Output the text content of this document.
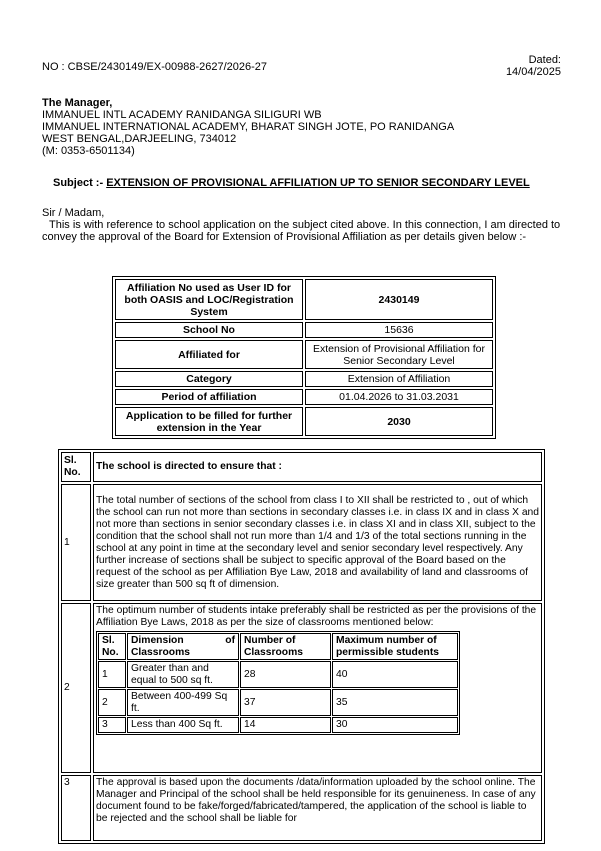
NO : CBSE/2430149/EX-00988-2627/2026-27
Dated:
14/04/2025
The Manager,
IMMANUEL INTL ACADEMY RANIDANGA SILIGURI WB
IMMANUEL INTERNATIONAL ACADEMY, BHARAT SINGH JOTE, PO RANIDANGA
WEST BENGAL,DARJEELING, 734012
(M: 0353-6501134)
Subject :- EXTENSION OF PROVISIONAL AFFILIATION UP TO SENIOR SECONDARY LEVEL
Sir / Madam,
This is with reference to school application on the subject cited above. In this connection, I am directed to convey the approval of the Board for Extension of Provisional Affiliation as per details given below :-
Affiliation No used as User ID for both OASIS and LOC/Registration System	2430149
School No	15636
Affiliated for	Extension of Provisional Affiliation for Senior Secondary Level
Category	Extension of Affiliation
Period of affiliation	01.04.2026 to 31.03.2031
Application to be filled for further extension in the Year	2030
Sl. No.	The school is directed to ensure that :
1	The total number of sections of the school from class I to XII shall be restricted to , out of which the school can run not more than sections in secondary classes i.e. in class IX and in class X and not more than sections in senior secondary classes i.e. in class XI and in class XII, subject to the condition that the school shall not run more than 1/4 and 1/3 of the total sections running in the school at any point in time at the secondary level and senior secondary level respectively. Any further increase of sections shall be subject to specific approval of the Board based on the request of the school as per Affiliation Bye Law, 2018 and availability of land and classrooms of size greater than 500 sq ft of dimension.
2	
The optimum number of students intake preferably shall be restricted as per the provisions of the Affiliation Bye Laws, 2018 as per the size of classrooms mentioned below:
Sl. No.	Dimension of Classrooms	Number of Classrooms	Maximum number of permissible students
1	Greater than and equal to 500 sq ft.	28	40
2	Between 400-499 Sq ft.	37	35
3	Less than 400 Sq ft.	14	30

3	The approval is based upon the documents /data/information uploaded by the school online. The Manager and Principal of the school shall be held responsible for its genuineness. In case of any document found to be fake/forged/fabricated/tampered, the application of the school is liable to be rejected and the school shall be liable for
